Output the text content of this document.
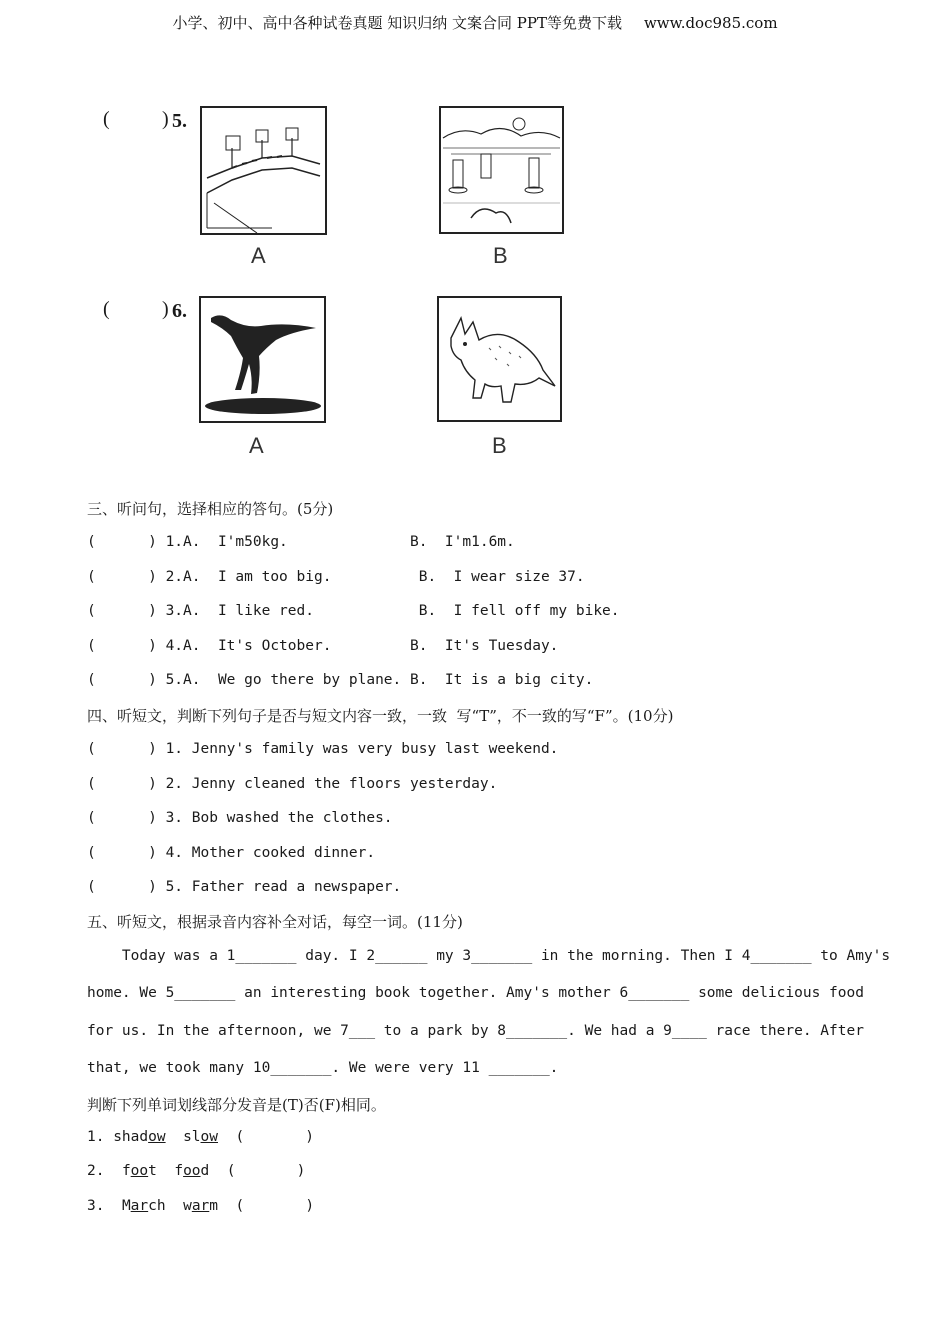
小学、初中、高中各种试卷真题 知识归纳 文案合同 PPT等免费下载 www.doc985.com
(	) 5.
A	B
(	) 6.
A	B
三、听问句，选择相应的答句。(5分)
(      ) 1.A.  I'm50kg.              B.  I'm1.6m.
(      ) 2.A.  I am too big.          B.  I wear size 37.
(      ) 3.A.  I like red.            B.  I fell off my bike.
(      ) 4.A.  It's October.         B.  It's Tuesday.
(      ) 5.A.  We go there by plane. B.  It is a big city.
四、听短文，判断下列句子是否与短文内容一致，一致  写“T”，不一致的写“F”。(10分)
(      ) 1. Jenny's family was very busy last weekend.
(      ) 2. Jenny cleaned the floors yesterday.
(      ) 3. Bob washed the clothes.
(      ) 4. Mother cooked dinner.
(      ) 5. Father read a newspaper.
五、听短文，根据录音内容补全对话，每空一词。(11分)
Today was a 1_______ day. I 2______ my 3_______ in the morning. Then I 4_______ to Amy's
home. We 5_______ an interesting book together. Amy's mother 6_______ some delicious food
for us. In the afternoon, we 7___ to a park by 8_______. We had a 9____ race there. After
that, we took many 10_______. We were very 11 _______.
判断下列单词划线部分发音是(T)否(F)相同。
1. shadow slow (       )
2. foot food (       )
3. March warm (       )
